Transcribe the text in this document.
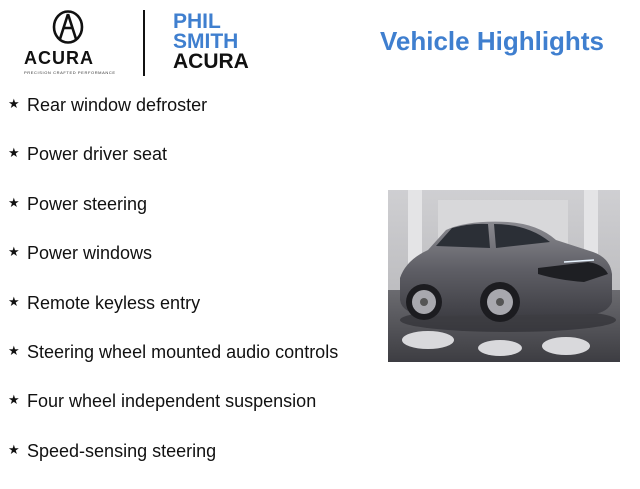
ACURA
PRECISION CRAFTED PERFORMANCE
PHIL
SMITH
ACURA
Vehicle Highlights
★ Rear window defroster
★ Power driver seat
★ Power steering
★ Power windows
★ Remote keyless entry
★ Steering wheel mounted audio controls
★ Four wheel independent suspension
★ Speed-sensing steering
